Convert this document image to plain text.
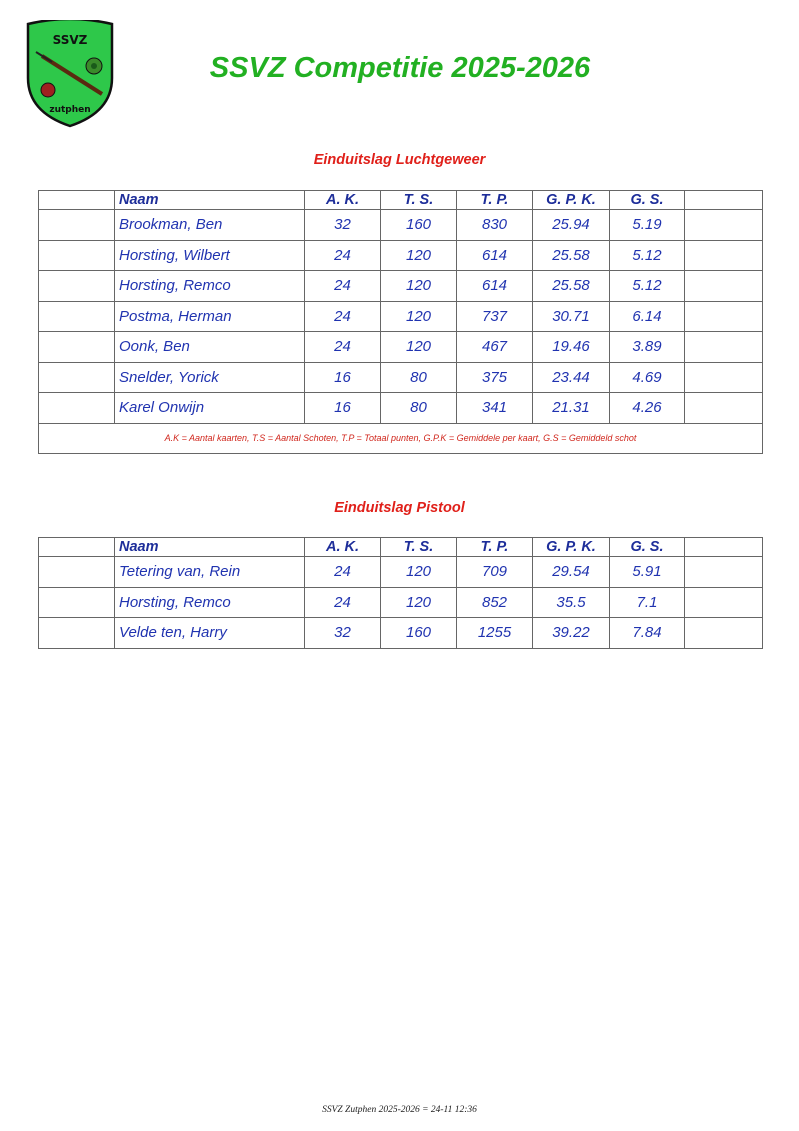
SSVZ
zutphen
SSVZ Competitie 2025-2026
Einduitslag Luchtgeweer
	Naam	A. K.	T. S.	T. P.	G. P. K.	G. S.	
	Brookman, Ben	32	160	830	25.94	5.19	
	Horsting, Wilbert	24	120	614	25.58	5.12	
	Horsting, Remco	24	120	614	25.58	5.12	
	Postma, Herman	24	120	737	30.71	6.14	
	Oonk, Ben	24	120	467	19.46	3.89	
	Snelder, Yorick	16	80	375	23.44	4.69	
	Karel Onwijn	16	80	341	21.31	4.26	
A.K = Aantal kaarten, T.S = Aantal Schoten, T.P = Totaal punten, G.P.K = Gemiddele per kaart, G.S = Gemiddeld schot							
Einduitslag Pistool
	Naam	A. K.	T. S.	T. P.	G. P. K.	G. S.	
	Tetering van, Rein	24	120	709	29.54	5.91	
	Horsting, Remco	24	120	852	35.5	7.1	
	Velde ten, Harry	32	160	1255	39.22	7.84	
SSVZ Zutphen 2025-2026 = 24-11 12:36
